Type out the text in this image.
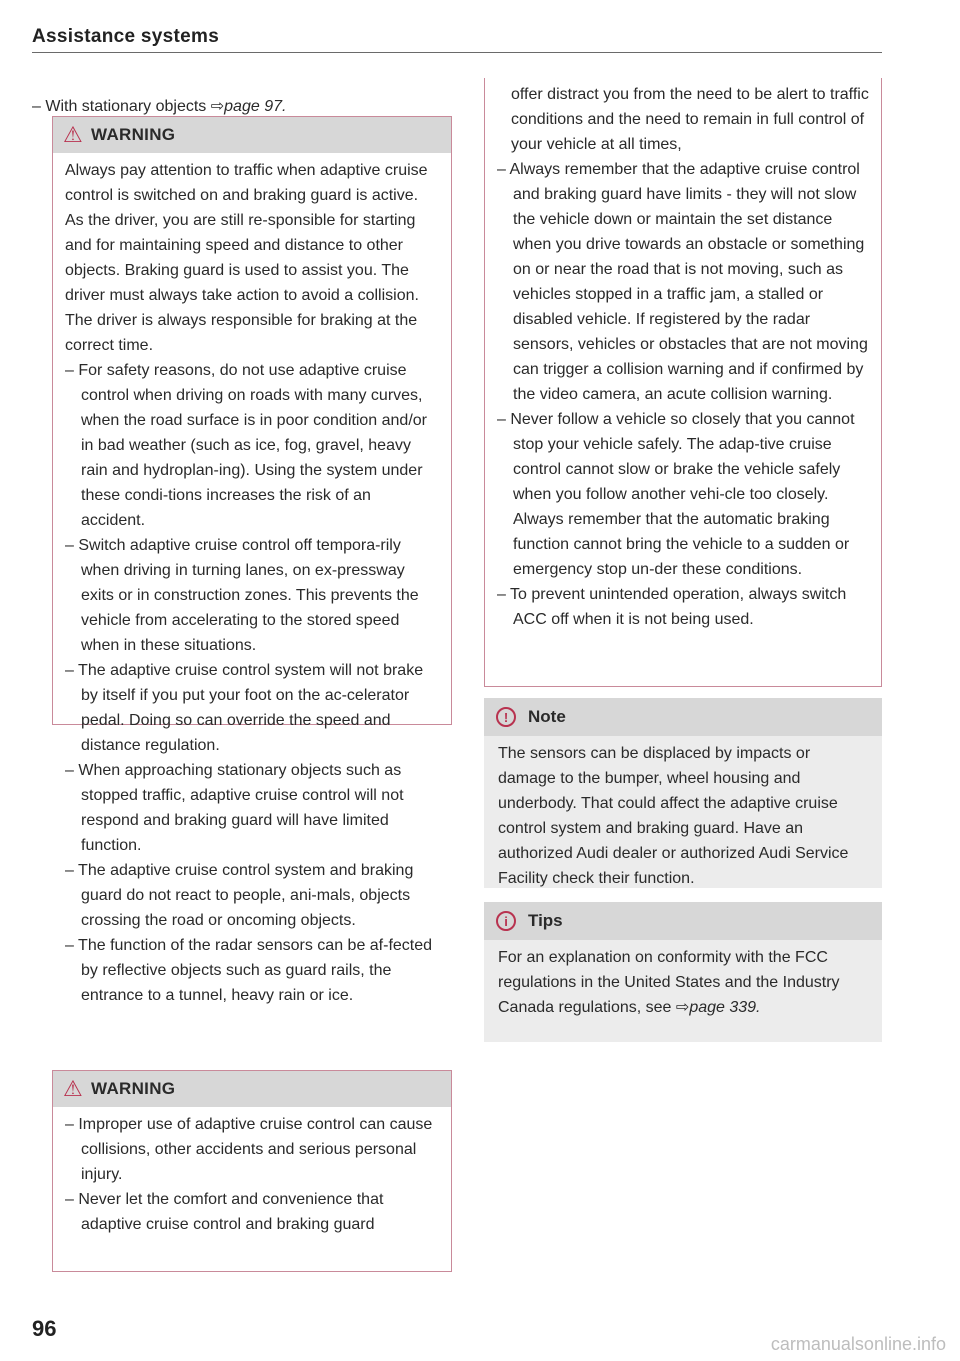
Assistance systems

– With stationary objects ⇨page 97.

⚠ WARNING

Always pay attention to traffic when adaptive cruise control is switched on and braking guard is active. As the driver, you are still re-sponsible for starting and for maintaining speed and distance to other objects. Braking guard is used to assist you. The driver must always take action to avoid a collision. The driver is always responsible for braking at the correct time.

– For safety reasons, do not use adaptive cruise control when driving on roads with many curves, when the road surface is in poor condition and/or in bad weather (such as ice, fog, gravel, heavy rain and hydroplan-ing). Using the system under these condi-tions increases the risk of an accident.

– Switch adaptive cruise control off tempora-rily when driving in turning lanes, on ex-pressway exits or in construction zones. This prevents the vehicle from accelerating to the stored speed when in these situations.

– The adaptive cruise control system will not brake by itself if you put your foot on the ac-celerator pedal. Doing so can override the speed and distance regulation.

– When approaching stationary objects such as stopped traffic, adaptive cruise control will not respond and braking guard will have limited function.

– The adaptive cruise control system and braking guard do not react to people, ani-mals, objects crossing the road or oncoming objects.

– The function of the radar sensors can be af-fected by reflective objects such as guard rails, the entrance to a tunnel, heavy rain or ice.

⚠ WARNING

– Improper use of adaptive cruise control can cause collisions, other accidents and serious personal injury.

– Never let the comfort and convenience that adaptive cruise control and braking guard

offer distract you from the need to be alert to traffic conditions and the need to remain in full control of your vehicle at all times,

– Always remember that the adaptive cruise control and braking guard have limits - they will not slow the vehicle down or maintain the set distance when you drive towards an obstacle or something on or near the road that is not moving, such as vehicles stopped in a traffic jam, a stalled or disabled vehicle. If registered by the radar sensors, vehicles or obstacles that are not moving can trigger a collision warning and if confirmed by the video camera, an acute collision warning.

– Never follow a vehicle so closely that you cannot stop your vehicle safely. The adap-tive cruise control cannot slow or brake the vehicle safely when you follow another vehi-cle too closely. Always remember that the automatic braking function cannot bring the vehicle to a sudden or emergency stop un-der these conditions.

– To prevent unintended operation, always switch ACC off when it is not being used.

!	Note

The sensors can be displaced by impacts or damage to the bumper, wheel housing and underbody. That could affect the adaptive cruise control system and braking guard. Have an authorized Audi dealer or authorized Audi Service Facility check their function.

i	Tips

For an explanation on conformity with the FCC regulations in the United States and the Industry Canada regulations, see ⇨page 339.

96
carmanualsonline.info
